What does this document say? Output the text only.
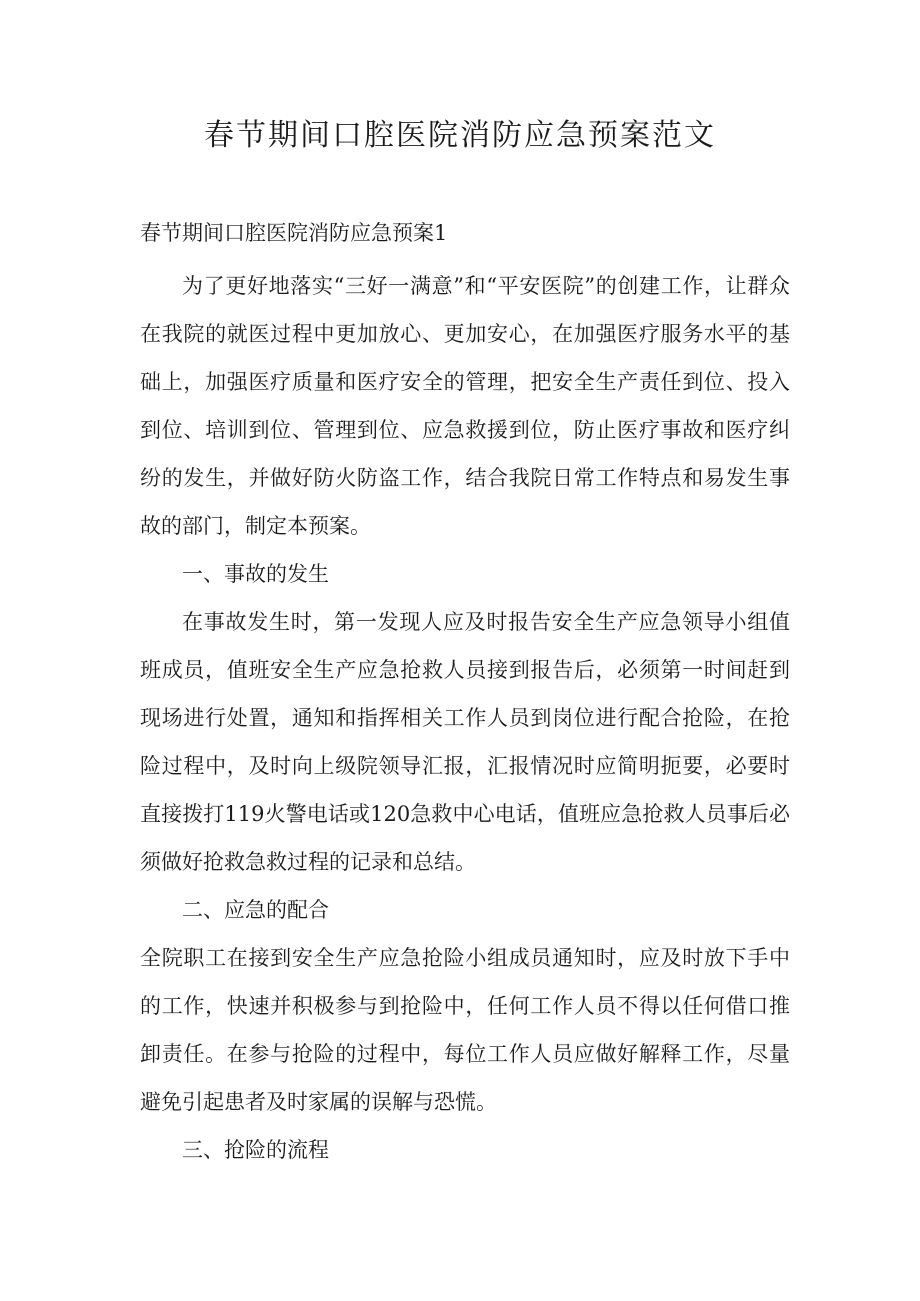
春节期间口腔医院消防应急预案范文
春节期间口腔医院消防应急预案1

为了更好地落实“三好一满意”和“平安医院”的创建工作，让群众在我院的就医过程中更加放心、更加安心，在加强医疗服务水平的基础上，加强医疗质量和医疗安全的管理，把安全生产责任到位、投入到位、培训到位、管理到位、应急救援到位，防止医疗事故和医疗纠纷的发生，并做好防火防盗工作，结合我院日常工作特点和易发生事故的部门，制定本预案。

一、事故的发生

在事故发生时，第一发现人应及时报告安全生产应急领导小组值班成员，值班安全生产应急抢救人员接到报告后，必须第一时间赶到现场进行处置，通知和指挥相关工作人员到岗位进行配合抢险，在抢险过程中，及时向上级院领导汇报，汇报情况时应简明扼要，必要时直接拨打119火警电话或120急救中心电话，值班应急抢救人员事后必须做好抢救急救过程的记录和总结。

二、应急的配合

全院职工在接到安全生产应急抢险小组成员通知时，应及时放下手中的工作，快速并积极参与到抢险中，任何工作人员不得以任何借口推卸责任。在参与抢险的过程中，每位工作人员应做好解释工作，尽量避免引起患者及时家属的误解与恐慌。

三、抢险的流程
